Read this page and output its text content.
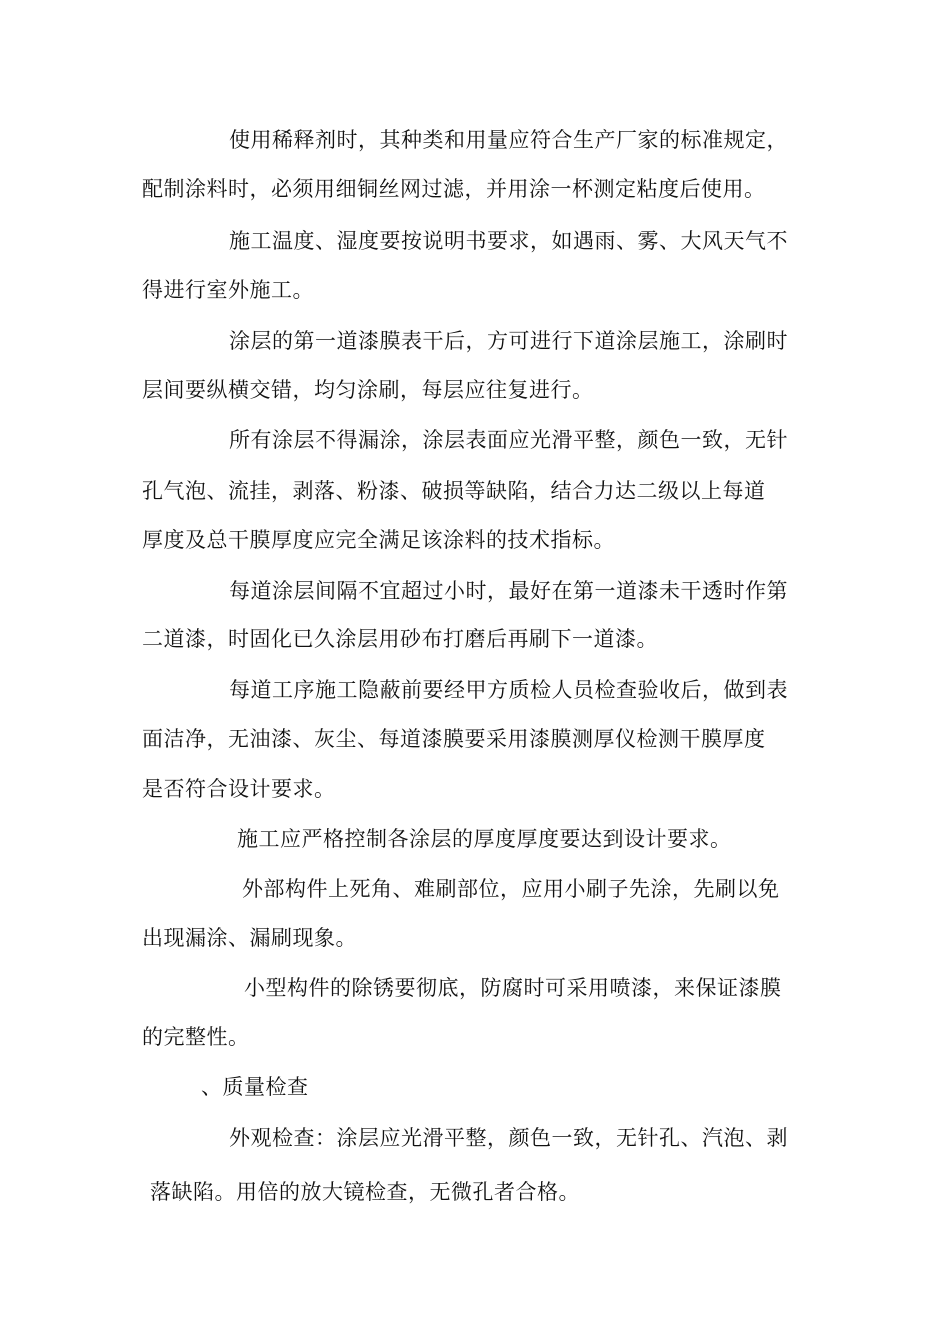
使用稀释剂时，其种类和用量应符合生产厂家的标准规定，
配制涂料时，必须用细铜丝网过滤，并用涂一杯测定粘度后使用。
施工温度、湿度要按说明书要求，如遇雨、雾、大风天气不
得进行室外施工。
涂层的第一道漆膜表干后，方可进行下道涂层施工，涂刷时
层间要纵横交错，均匀涂刷，每层应往复进行。
所有涂层不得漏涂，涂层表面应光滑平整，颜色一致，无针
孔气泡、流挂，剥落、粉漆、破损等缺陷，结合力达二级以上每道
厚度及总干膜厚度应完全满足该涂料的技术指标。
每道涂层间隔不宜超过小时，最好在第一道漆未干透时作第
二道漆，时固化已久涂层用砂布打磨后再刷下一道漆。
每道工序施工隐蔽前要经甲方质检人员检查验收后，做到表
面洁净，无油漆、灰尘、每道漆膜要采用漆膜测厚仪检测干膜厚度
是否符合设计要求。
施工应严格控制各涂层的厚度厚度要达到设计要求。
外部构件上死角、难刷部位，应用小刷子先涂，先刷以免
出现漏涂、漏刷现象。
小型构件的除锈要彻底，防腐时可采用喷漆，来保证漆膜
的完整性。
、质量检查
外观检查：涂层应光滑平整，颜色一致，无针孔、汽泡、剥
落缺陷。用倍的放大镜检查，无微孔者合格。
